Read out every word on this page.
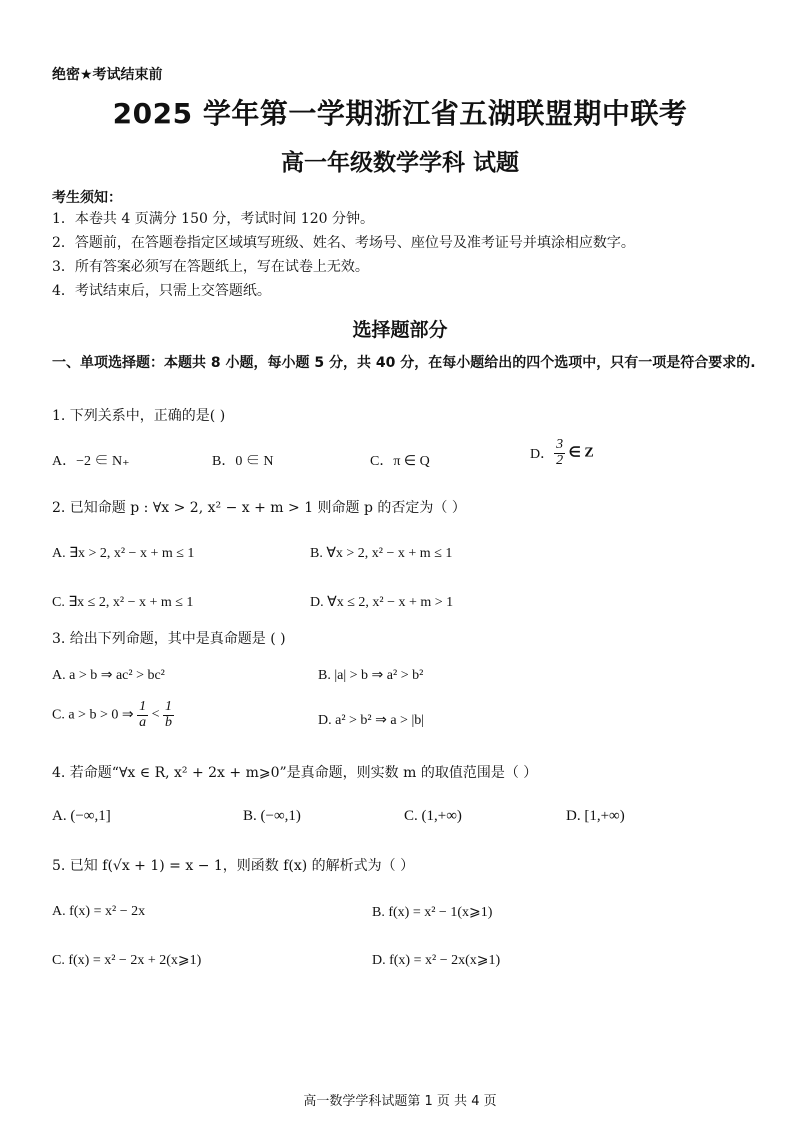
绝密★考试结束前
2025 学年第一学期浙江省五湖联盟期中联考
高一年级数学学科 试题
考生须知：
1．本卷共 4 页满分 150 分，考试时间 120 分钟。
2．答题前，在答题卷指定区域填写班级、姓名、考场号、座位号及准考证号并填涂相应数字。
3．所有答案必须写在答题纸上，写在试卷上无效。
4．考试结束后，只需上交答题纸。
选择题部分
一、单项选择题：本题共 8 小题，每小题 5 分，共 40 分，在每小题给出的四个选项中，只有一项是符合要求的.
1. 下列关系中，正确的是( )
A．−2 ∈ N₊	B．0 ∈ N	C．π ∈ Q	D． $\frac{3}{2}$ ∈ Z
2. 已知命题 p : ∀x > 2, x² − x + m > 1 则命题 p 的否定为（ ）
A. ∃x > 2, x² − x + m ≤ 1	B. ∀x > 2, x² − x + m ≤ 1
C. ∃x ≤ 2, x² − x + m ≤ 1	D. ∀x ≤ 2, x² − x + m > 1
3. 给出下列命题，其中是真命题是 ( )
A. a > b ⇒ ac² > bc²	B. |a| > b ⇒ a² > b²
C. a > b > 0 ⇒ $\frac{1}{a} < \frac{1}{b}$	D. a² > b² ⇒ a > |b|
4. 若命题“∀x ∈ R, x² + 2x + m⩾0”是真命题，则实数 m 的取值范围是（ ）
A. (−∞,1]	B. (−∞,1)	C. (1,+∞)	D. [1,+∞)
5. 已知 f(√x + 1) = x − 1，则函数 f(x) 的解析式为（ ）
A. f(x) = x² − 2x	B. f(x) = x² − 1(x⩾1)
C. f(x) = x² − 2x + 2(x⩾1)	D. f(x) = x² − 2x(x⩾1)
高一数学学科试题第 1 页 共 4 页
